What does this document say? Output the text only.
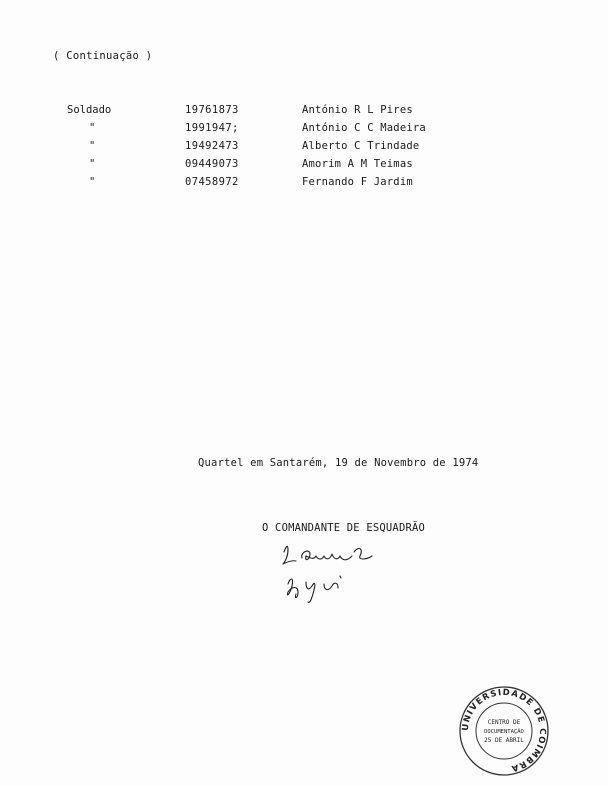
( Continuação )
Soldado	19761873	António R L Pires
"	1991947;	António C C Madeira
"	19492473	Alberto C Trindade
"	09449073	Amorim A M Teimas
"	07458972	Fernando F Jardim
Quartel em Santarém, 19 de Novembro de 1974
O COMANDANTE DE ESQUADRÃO
UNIVERSIDADE DE COIMBRA
CENTRO DE
DOCUMENTAÇÃO
25 DE ABRIL
